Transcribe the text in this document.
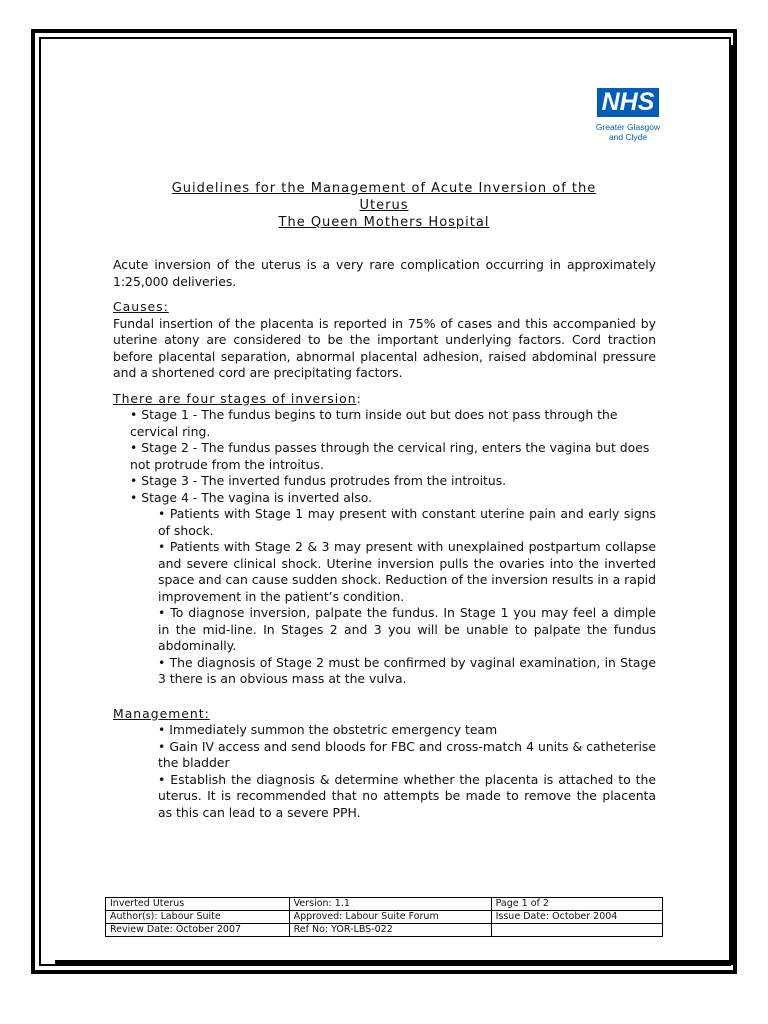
NHS
Greater Glasgow
and Clyde
Guidelines for the Management of Acute Inversion of the
Uterus
The Queen Mothers Hospital

Acute inversion of the uterus is a very rare complication occurring in approximately 1:25,000 deliveries.

Causes:

Fundal insertion of the placenta is reported in 75% of cases and this accompanied by uterine atony are considered to be the important underlying factors. Cord traction before placental separation, abnormal placental adhesion, raised abdominal pressure and a shortened cord are precipitating factors.

There are four stages of inversion:

• Stage 1 - The fundus begins to turn inside out but does not pass through the cervical ring.

• Stage 2 - The fundus passes through the cervical ring, enters the vagina but does not protrude from the introitus.

• Stage 3 - The inverted fundus protrudes from the introitus.

• Stage 4 - The vagina is inverted also.

• Patients with Stage 1 may present with constant uterine pain and early signs of shock.

• Patients with Stage 2 & 3 may present with unexplained postpartum collapse and severe clinical shock. Uterine inversion pulls the ovaries into the inverted space and can cause sudden shock. Reduction of the inversion results in a rapid improvement in the patient’s condition.

• To diagnose inversion, palpate the fundus. In Stage 1 you may feel a dimple in the mid-line. In Stages 2 and 3 you will be unable to palpate the fundus abdominally.

• The diagnosis of Stage 2 must be confirmed by vaginal examination, in Stage 3 there is an obvious mass at the vulva.

Management:

• Immediately summon the obstetric emergency team

• Gain IV access and send bloods for FBC and cross-match 4 units & catheterise the bladder

• Establish the diagnosis & determine whether the placenta is attached to the uterus. It is recommended that no attempts be made to remove the placenta as this can lead to a severe PPH.

Inverted Uterus	Version: 1.1	Page 1 of 2
Author(s): Labour Suite	Approved: Labour Suite Forum	Issue Date: October 2004
Review Date: October 2007	Ref No: YOR-LBS-022	
